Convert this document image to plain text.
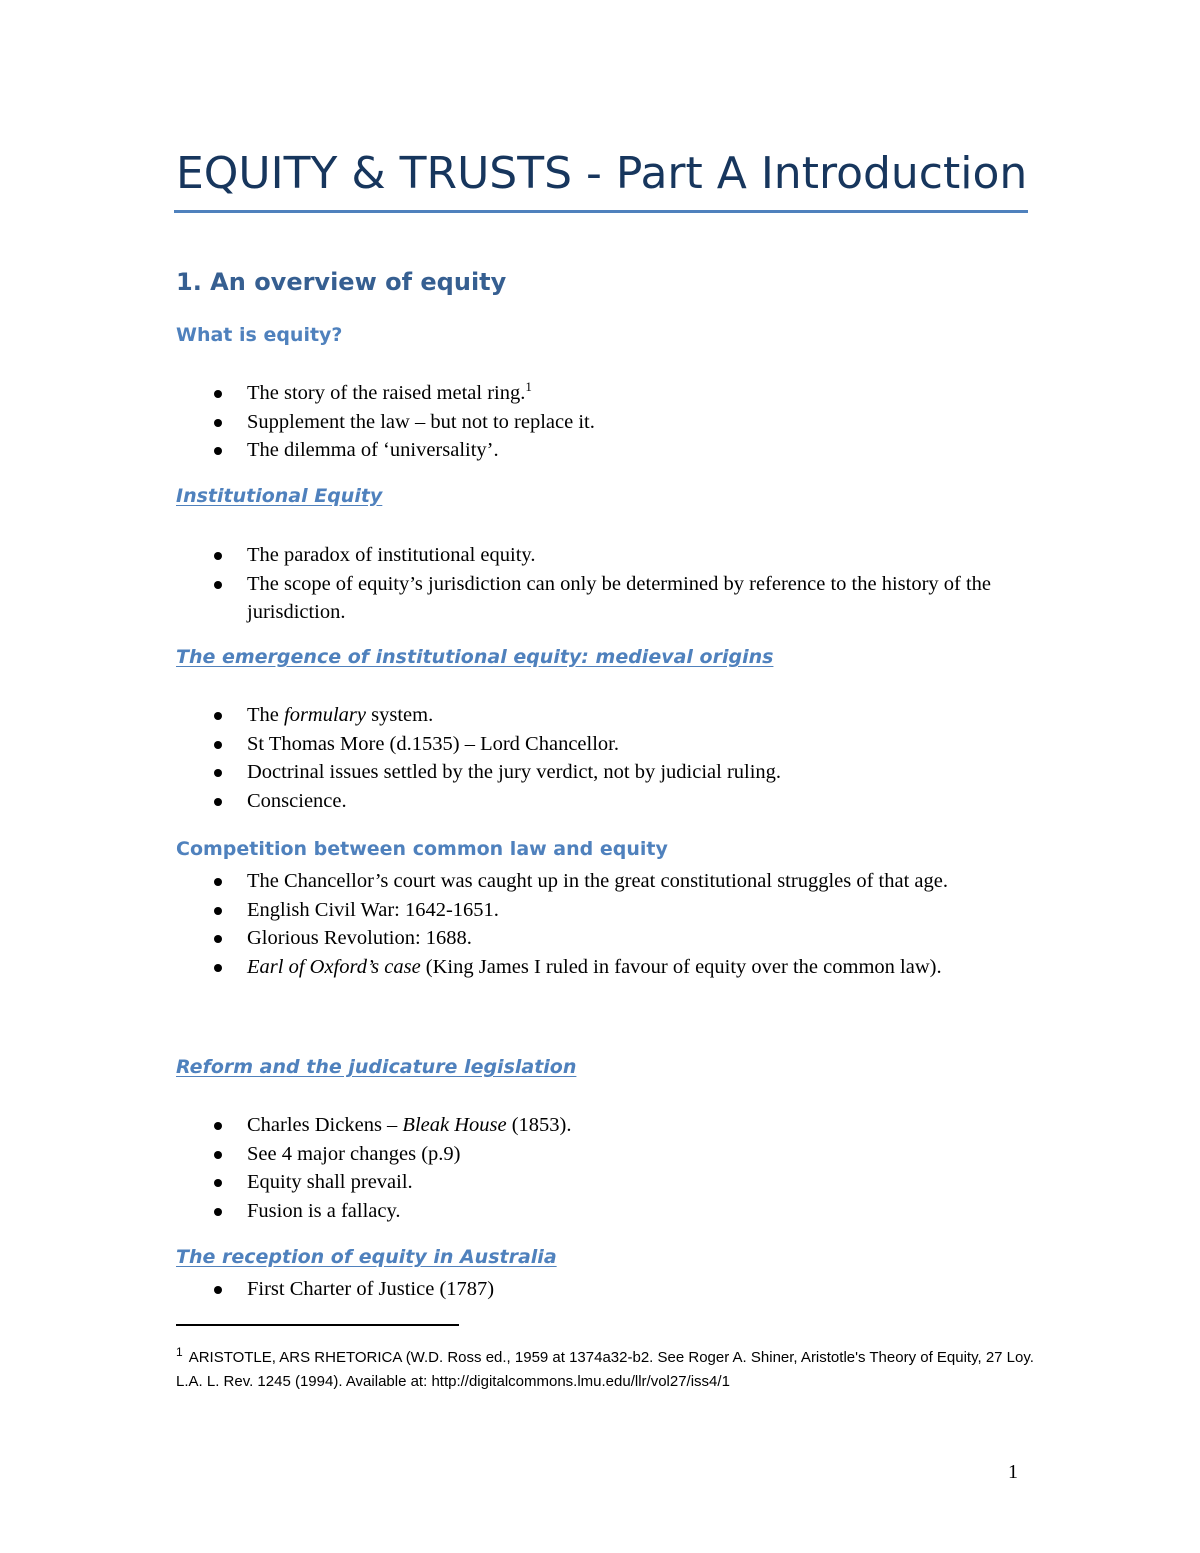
EQUITY & TRUSTS - Part A Introduction
1. An overview of equity
What is equity?
The story of the raised metal ring.$^1$
Supplement the law – but not to replace it.
The dilemma of ‘universality’.
Institutional Equity
The paradox of institutional equity.
The scope of equity’s jurisdiction can only be determined by reference to the history of the jurisdiction.
The emergence of institutional equity: medieval origins
The formulary system.
St Thomas More (d.1535) – Lord Chancellor.
Doctrinal issues settled by the jury verdict, not by judicial ruling.
Conscience.
Competition between common law and equity
The Chancellor’s court was caught up in the great constitutional struggles of that age.
English Civil War: 1642-1651.
Glorious Revolution: 1688.
Earl of Oxford’s case (King James I ruled in favour of equity over the common law).
Reform and the judicature legislation
Charles Dickens – Bleak House (1853).
See 4 major changes (p.9)
Equity shall prevail.
Fusion is a fallacy.
The reception of equity in Australia
First Charter of Justice (1787)

$^1$ ARISTOTLE, ARS RHETORICA (W.D. Ross ed., 1959 at 1374a32-b2. See Roger A. Shiner, Aristotle's Theory of Equity, 27 Loy. L.A. L. Rev. 1245 (1994). Available at: http://digitalcommons.lmu.edu/llr/vol27/iss4/1

1
